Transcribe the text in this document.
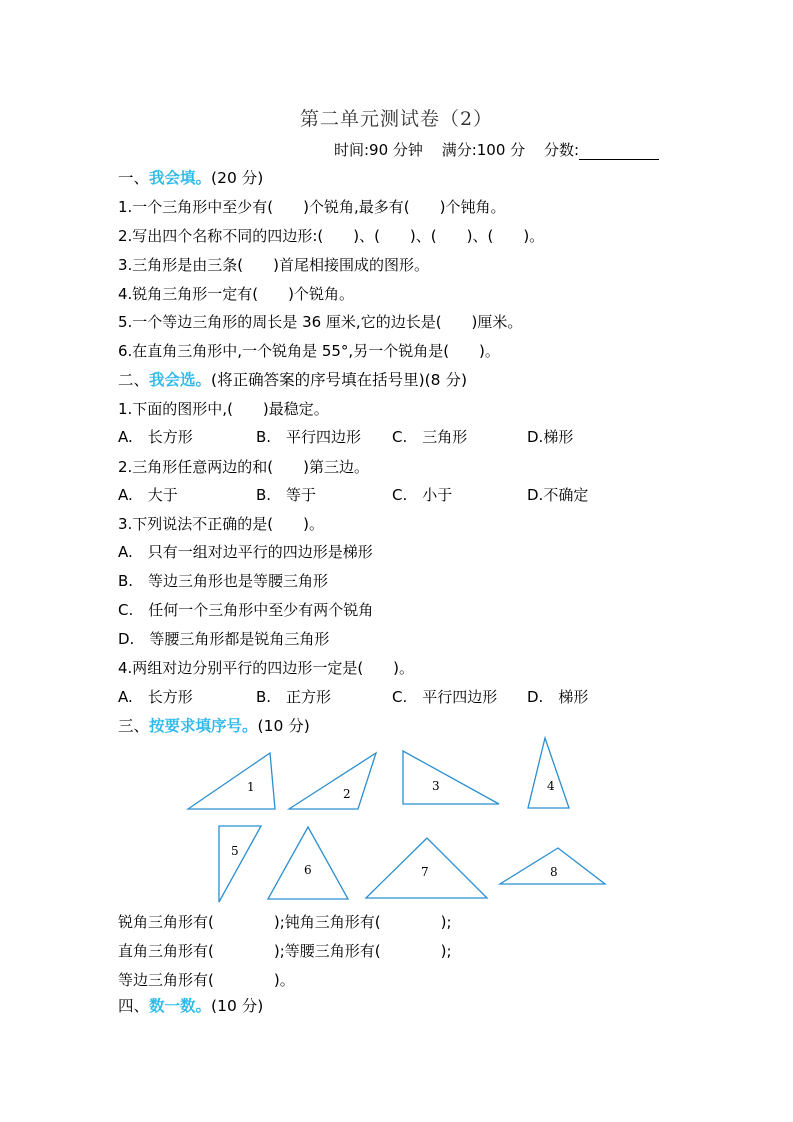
第二单元测试卷（2）
时间:90 分钟 满分:100 分 分数:
一、我会填。(20 分)
1.一个三角形中至少有(　　)个锐角,最多有(　　)个钝角。
2.写出四个名称不同的四边形:(　　)、(　　)、(　　)、(　　)。
3.三角形是由三条(　　)首尾相接围成的图形。
4.锐角三角形一定有(　　)个锐角。
5.一个等边三角形的周长是 36 厘米,它的边长是(　　)厘米。
6.在直角三角形中,一个锐角是 55°,另一个锐角是(　　)。
二、我会选。(将正确答案的序号填在括号里)(8 分)
1.下面的图形中,(　　)最稳定。
A.　长方形	B.　平行四边形 C.　三角形	D.梯形
2.三角形任意两边的和(　　)第三边。
A.　大于	B.　等于	C.　小于	D.不确定
3.下列说法不正确的是(　　)。
A.　只有一组对边平行的四边形是梯形
B.　等边三角形也是等腰三角形
C.　任何一个三角形中至少有两个锐角
D.　等腰三角形都是锐角三角形
4.两组对边分别平行的四边形一定是(　　)。
A.　长方形	B.　正方形	C.　平行四边形 D.　梯形
三、按要求填序号。(10 分)
1	2
3	4
5
6	7	8
锐角三角形有(　　　　);钝角三角形有(　　　　);
直角三角形有(　　　　);等腰三角形有(　　　　);
等边三角形有(　　　　)。
四、数一数。(10 分)
